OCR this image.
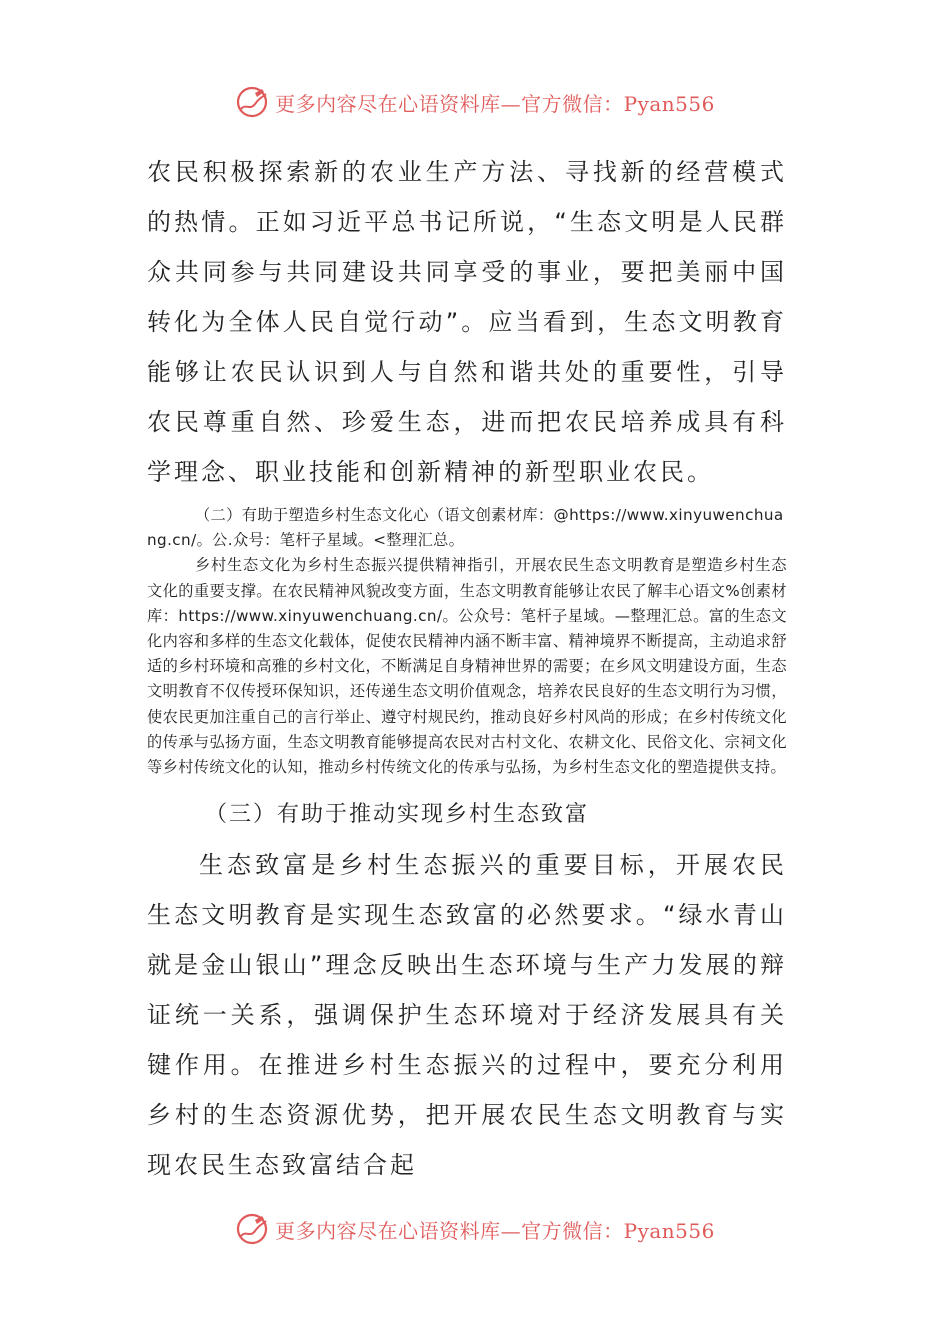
更多内容尽在心语资料库—官方微信：Pyan556

农民积极探索新的农业生产方法、寻找新的经营模式的热情。正如习近平总书记所说，“生态文明是人民群众共同参与共同建设共同享受的事业，要把美丽中国转化为全体人民自觉行动”。应当看到，生态文明教育能够让农民认识到人与自然和谐共处的重要性，引导农民尊重自然、珍爱生态，进而把农民培养成具有科学理念、职业技能和创新精神的新型职业农民。

（二）有助于塑造乡村生态文化心（语文创素材库：@https://www.xinyuwenchuang.cn/。公.众号：笔杆子星域。<整理汇总。

乡村生态文化为乡村生态振兴提供精神指引，开展农民生态文明教育是塑造乡村生态文化的重要支撑。在农民精神风貌改变方面，生态文明教育能够让农民了解丰心语文%创素材库：https://www.xinyuwenchuang.cn/。公众号：笔杆子星域。—整理汇总。富的生态文化内容和多样的生态文化载体，促使农民精神内涵不断丰富、精神境界不断提高，主动追求舒适的乡村环境和高雅的乡村文化，不断满足自身精神世界的需要；在乡风文明建设方面，生态文明教育不仅传授环保知识，还传递生态文明价值观念，培养农民良好的生态文明行为习惯，使农民更加注重自己的言行举止、遵守村规民约，推动良好乡村风尚的形成；在乡村传统文化的传承与弘扬方面，生态文明教育能够提高农民对古村文化、农耕文化、民俗文化、宗祠文化等乡村传统文化的认知，推动乡村传统文化的传承与弘扬，为乡村生态文化的塑造提供支持。

（三）有助于推动实现乡村生态致富

生态致富是乡村生态振兴的重要目标，开展农民生态文明教育是实现生态致富的必然要求。“绿水青山就是金山银山”理念反映出生态环境与生产力发展的辩证统一关系，强调保护生态环境对于经济发展具有关键作用。在推进乡村生态振兴的过程中，要充分利用乡村的生态资源优势，把开展农民生态文明教育与实现农民生态致富结合起

更多内容尽在心语资料库—官方微信：Pyan556
